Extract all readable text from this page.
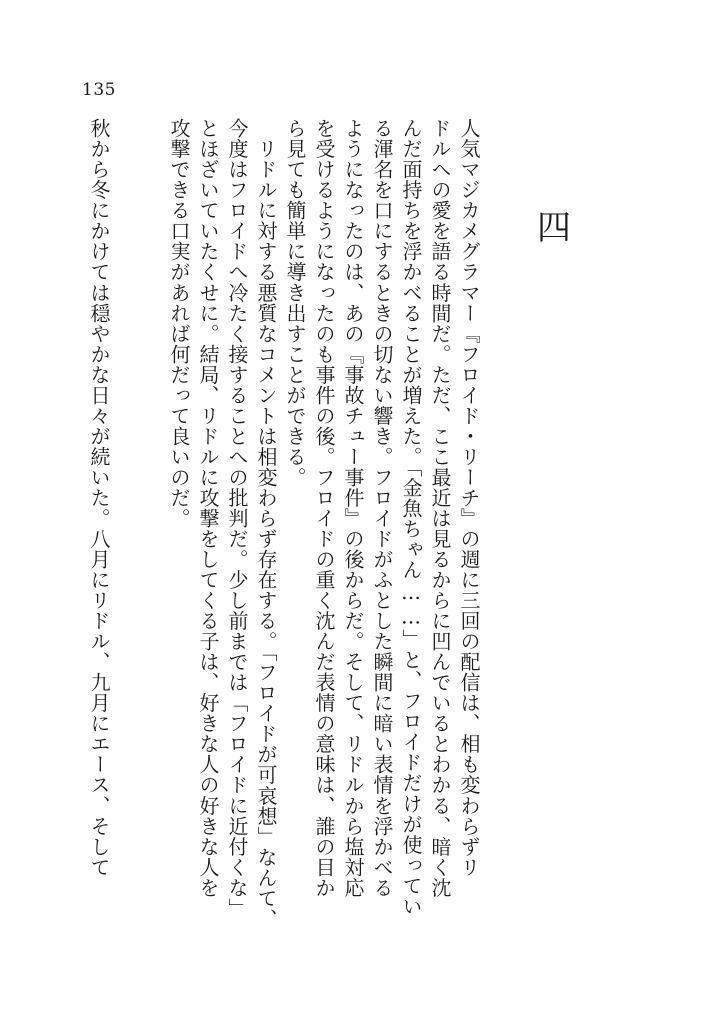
135
四
人気マジカメグラマー『フロイド・リーチ』の週に三回の配信は、相も変わらずリ
ドルへの愛を語る時間だ。ただ、ここ最近は見るからに凹んでいるとわかる、暗く沈
んだ面持ちを浮かべることが増えた。「金魚ちゃん……」と、フロイドだけが使ってい
る渾名を口にするときの切ない響き。フロイドがふとした瞬間に暗い表情を浮かべる
ようになったのは、あの『事故チュー事件』の後からだ。そして、リドルから塩対応
を受けるようになったのも事件の後。フロイドの重く沈んだ表情の意味は、誰の目か
ら見ても簡単に導き出すことができる。
　リドルに対する悪質なコメントは相変わらず存在する。「フロイドが可哀想」なんて、
今度はフロイドへ冷たく接することへの批判だ。少し前までは「フロイドに近付くな」
とほざいていたくせに。結局、リドルに攻撃をしてくる子は、好きな人の好きな人を
攻撃できる口実があれば何だって良いのだ。
秋から冬にかけては穏やかな日々が続いた。八月にリドル、九月にエース、そして
